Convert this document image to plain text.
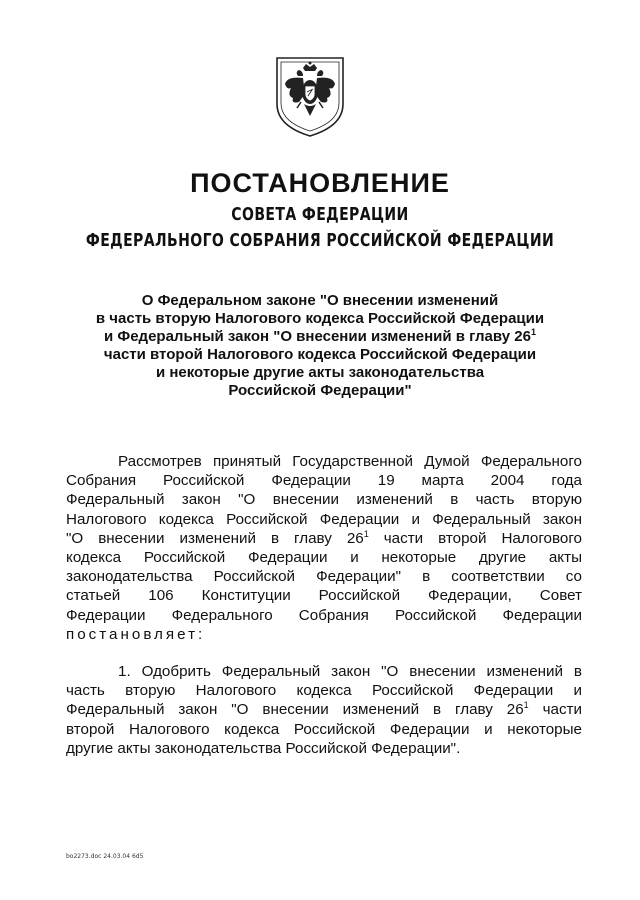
ПОСТАНОВЛЕНИЕ
СОВЕТА ФЕДЕРАЦИИ
ФЕДЕРАЛЬНОГО СОБРАНИЯ РОССИЙСКОЙ ФЕДЕРАЦИИ
О Федеральном законе "О внесении изменений
в часть вторую Налогового кодекса Российской Федерации
и Федеральный закон "О внесении изменений в главу $26^1$
части второй Налогового кодекса Российской Федерации
и некоторые другие акты законодательства
Российской Федерации"
Рассмотрев принятый Государственной Думой Федерального
Собрания Российской Федерации 19 марта 2004 года
Федеральный закон "О внесении изменений в часть вторую
Налогового кодекса Российской Федерации и Федеральный закон
"О внесении изменений в главу $26^1$ части второй Налогового
кодекса Российской Федерации и некоторые другие акты
законодательства Российской Федерации" в соответствии со
статьей 106 Конституции Российской Федерации, Совет
Федерации Федерального Собрания Российской Федерации
постановляет:
1. Одобрить Федеральный закон "О внесении изменений в
часть вторую Налогового кодекса Российской Федерации и
Федеральный закон "О внесении изменений в главу $26^1$ части
второй Налогового кодекса Российской Федерации и некоторые
другие акты законодательства Российской Федерации".
bo2273.doc 24.03.04 6d5
